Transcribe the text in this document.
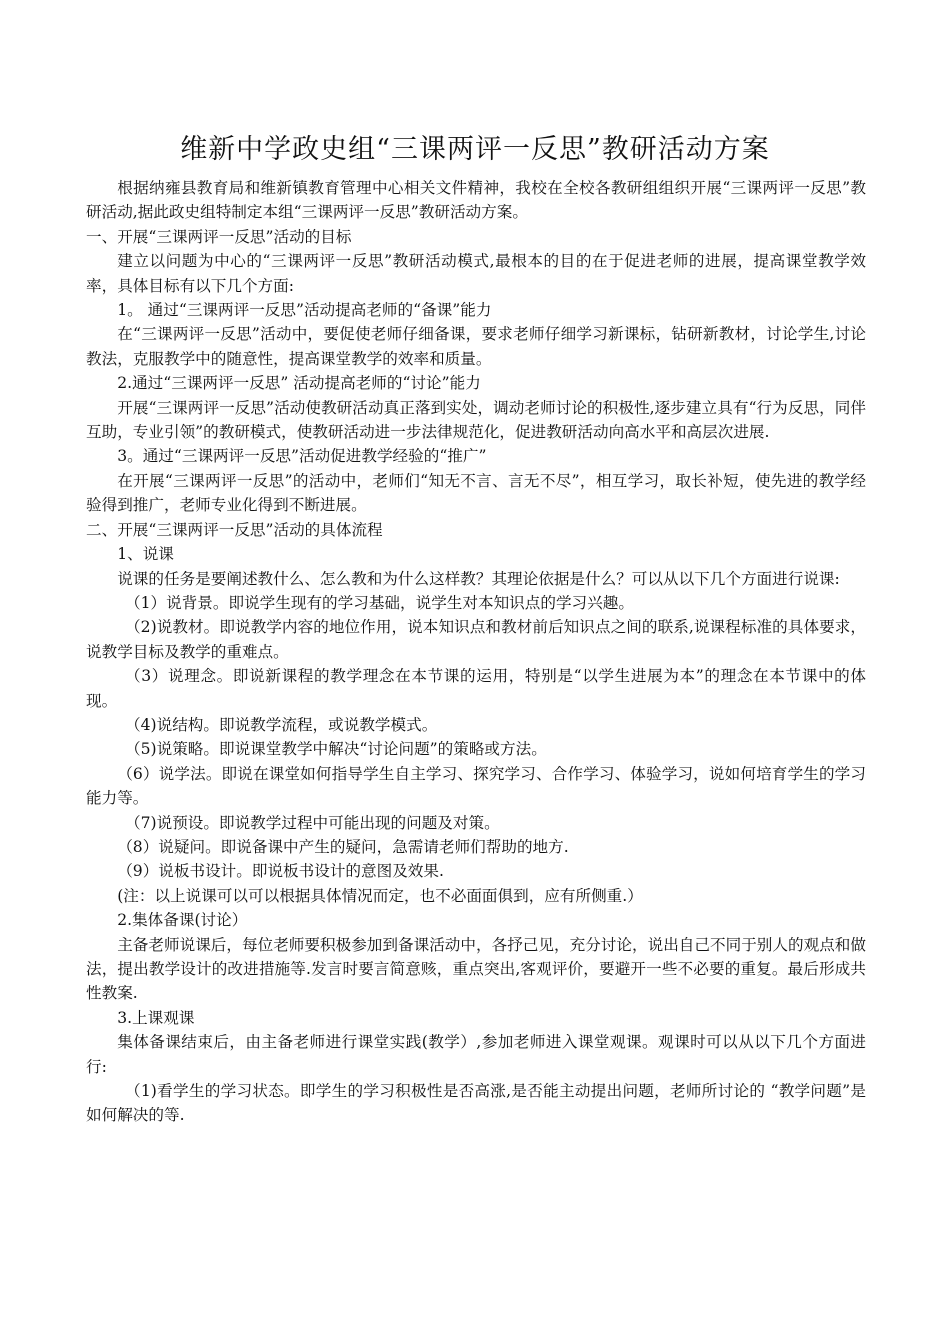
维新中学政史组“三课两评一反思”教研活动方案

根据纳雍县教育局和维新镇教育管理中心相关文件精神，我校在全校各教研组组织开展“三课两评一反思”教研活动,据此政史组特制定本组“三课两评一反思”教研活动方案。

一、开展“三课两评一反思”活动的目标

建立以问题为中心的“三课两评一反思”教研活动模式,最根本的目的在于促进老师的进展，提高课堂教学效率，具体目标有以下几个方面:

1。 通过“三课两评一反思”活动提高老师的“备课”能力

在“三课两评一反思”活动中，要促使老师仔细备课，要求老师仔细学习新课标，钻研新教材，讨论学生,讨论教法，克服教学中的随意性，提高课堂教学的效率和质量。

2.通过“三课两评一反思” 活动提高老师的“讨论”能力

开展“三课两评一反思”活动使教研活动真正落到实处，调动老师讨论的积极性,逐步建立具有“行为反思，同伴互助，专业引领”的教研模式，使教研活动进一步法律规范化，促进教研活动向高水平和高层次进展.

3。通过“三课两评一反思”活动促进教学经验的“推广”

在开展“三课两评一反思”的活动中，老师们“知无不言、言无不尽”，相互学习，取长补短，使先进的教学经验得到推广，老师专业化得到不断进展。

二、开展“三课两评一反思”活动的具体流程

1、说课

说课的任务是要阐述教什么、怎么教和为什么这样教？其理论依据是什么？可以从以下几个方面进行说课:

（1）说背景。即说学生现有的学习基础，说学生对本知识点的学习兴趣。

（2)说教材。即说教学内容的地位作用，说本知识点和教材前后知识点之间的联系,说课程标准的具体要求，说教学目标及教学的重难点。

（3）说理念。即说新课程的教学理念在本节课的运用，特别是“以学生进展为本”的理念在本节课中的体现。

（4)说结构。即说教学流程，或说教学模式。

（5)说策略。即说课堂教学中解决“讨论问题”的策略或方法。

（6）说学法。即说在课堂如何指导学生自主学习、探究学习、合作学习、体验学习，说如何培育学生的学习能力等。

（7)说预设。即说教学过程中可能出现的问题及对策。

（8）说疑问。即说备课中产生的疑问，急需请老师们帮助的地方.

（9）说板书设计。即说板书设计的意图及效果.

(注：以上说课可以可以根据具体情况而定，也不必面面俱到，应有所侧重.）

2.集体备课(讨论）

主备老师说课后，每位老师要积极参加到备课活动中，各抒己见，充分讨论，说出自己不同于别人的观点和做法，提出教学设计的改进措施等.发言时要言简意赅，重点突出,客观评价，要避开一些不必要的重复。最后形成共性教案.

3.上课观课

集体备课结束后，由主备老师进行课堂实践(教学）,参加老师进入课堂观课。观课时可以从以下几个方面进行:

（1)看学生的学习状态。即学生的学习积极性是否高涨,是否能主动提出问题，老师所讨论的 “教学问题”是如何解决的等.
